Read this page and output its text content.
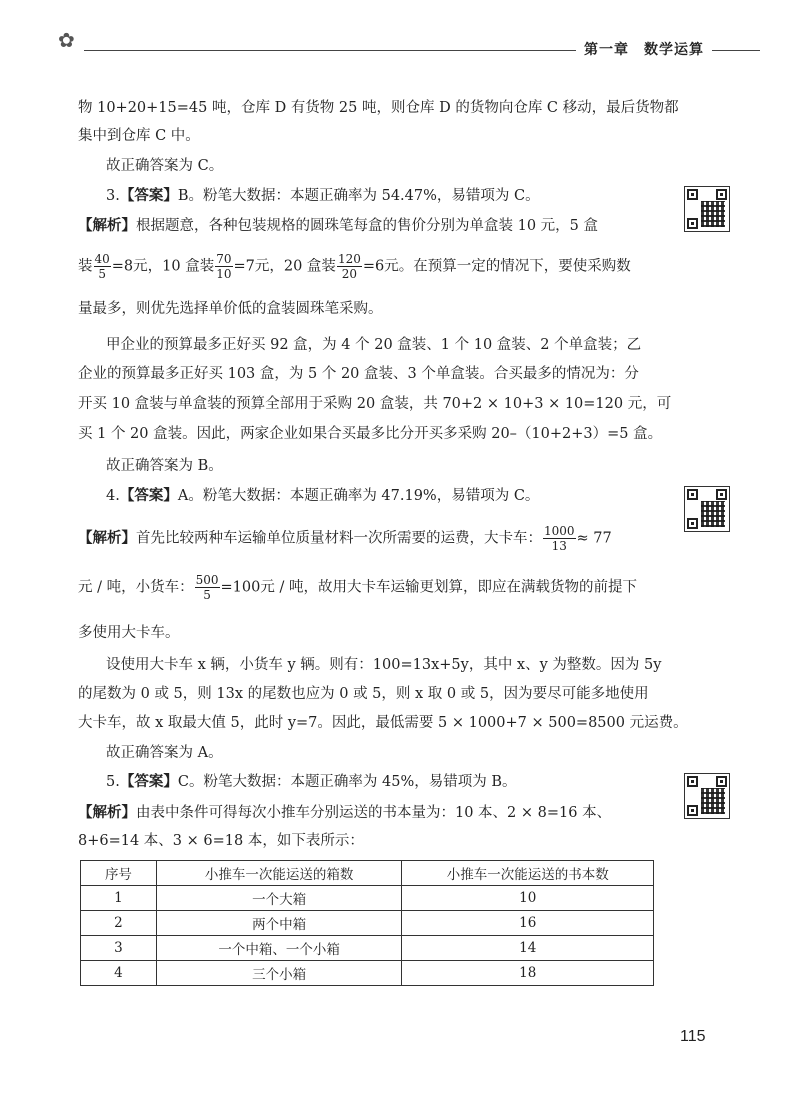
✿	第一章　数学运算
物 10+20+15=45 吨，仓库 D 有货物 25 吨，则仓库 D 的货物向仓库 C 移动，最后货物都
集中到仓库 C 中。
故正确答案为 C。
3.【答案】B。粉笔大数据：本题正确率为 54.47%，易错项为 C。
【解析】根据题意，各种包装规格的圆珠笔每盒的售价分别为单盒装 10 元，5 盒
装 $\frac{40}{5} =8$元，10 盒装 $\frac{70}{10} =7$元，20 盒装 $\frac{120}{20} =6$元。在预算一定的情况下，要使采购数
量最多，则优先选择单价低的盒装圆珠笔采购。
甲企业的预算最多正好买 92 盒，为 4 个 20 盒装、1 个 10 盒装、2 个单盒装；乙
企业的预算最多正好买 103 盒，为 5 个 20 盒装、3 个单盒装。合买最多的情况为：分
开买 10 盒装与单盒装的预算全部用于采购 20 盒装，共 70+2 × 10+3 × 10=120 元，可
买 1 个 20 盒装。因此，两家企业如果合买最多比分开买多采购 20–（10+2+3）=5 盒。
故正确答案为 B。
4.【答案】A。粉笔大数据：本题正确率为 47.19%，易错项为 C。
【解析】首先比较两种车运输单位质量材料一次所需要的运费，大卡车： $\frac{1000}{13} \approx 77$
元 / 吨，小货车： $\frac{500}{5} =100$元 / 吨，故用大卡车运输更划算，即应在满载货物的前提下
多使用大卡车。
设使用大卡车 x 辆，小货车 y 辆。则有：100=13x+5y，其中 x、y 为整数。因为 5y
的尾数为 0 或 5，则 13x 的尾数也应为 0 或 5，则 x 取 0 或 5，因为要尽可能多地使用
大卡车，故 x 取最大值 5，此时 y=7。因此，最低需要 5 × 1000+7 × 500=8500 元运费。
故正确答案为 A。
5.【答案】C。粉笔大数据：本题正确率为 45%，易错项为 B。
【解析】由表中条件可得每次小推车分别运送的书本量为：10 本、2 × 8=16 本、
8+6=14 本、3 × 6=18 本，如下表所示：
序号	小推车一次能运送的箱数	小推车一次能运送的书本数
1	一个大箱	10
2	两个中箱	16
3	一个中箱、一个小箱	14
4	三个小箱	18
115
